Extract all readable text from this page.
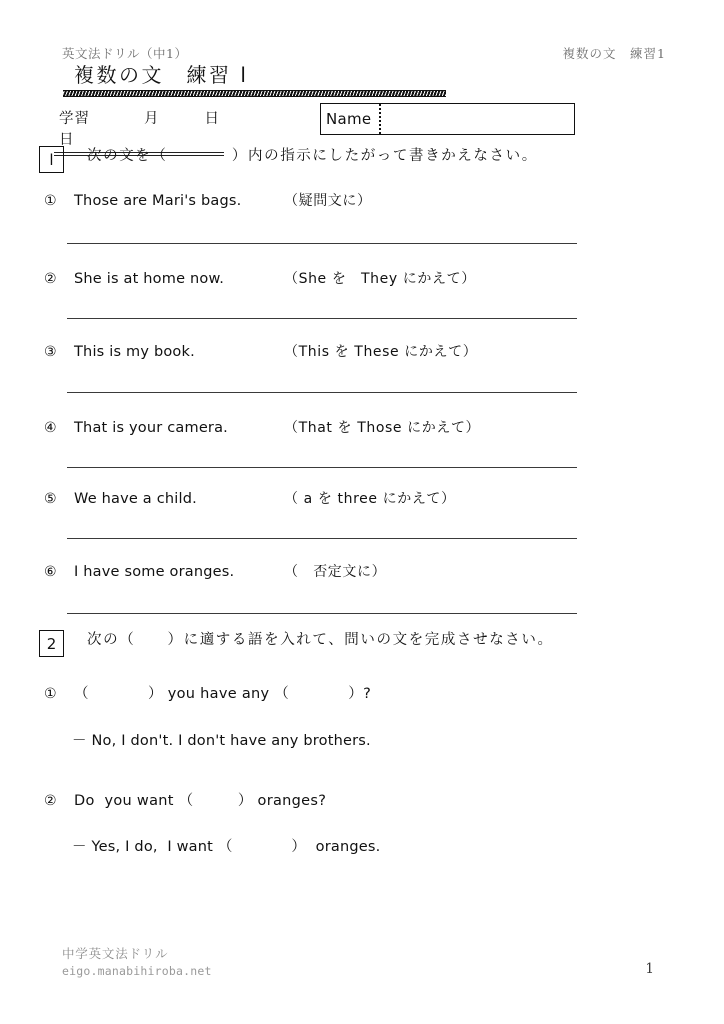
英文法ドリル（中1）	複数の文　練習1
複数の文　練習 l
学習日
月	日	Name
l	次の文を（　　　　）内の指示にしたがって書きかえなさい。
①	Those are Mari's bags.	（疑問文に）
②	She is at home now.	（She を　They にかえて）
③	This is my book.	（This を These にかえて）
④	That is your camera.	（That を Those にかえて）
⑤	We have a child.	（ a を three にかえて）
⑥	I have some oranges.	（　否定文に）
2	次の（　　）に適する語を入れて、問いの文を完成させなさい。
①	（　　　　） you have any （　　　　）?
－ No, I don't. I don't have any brothers.
②	Do  you want （　　　） oranges?
－ Yes, I do,  I want （　　　　）  oranges.
中学英文法ドリル
eigo.manabihiroba.net	1
